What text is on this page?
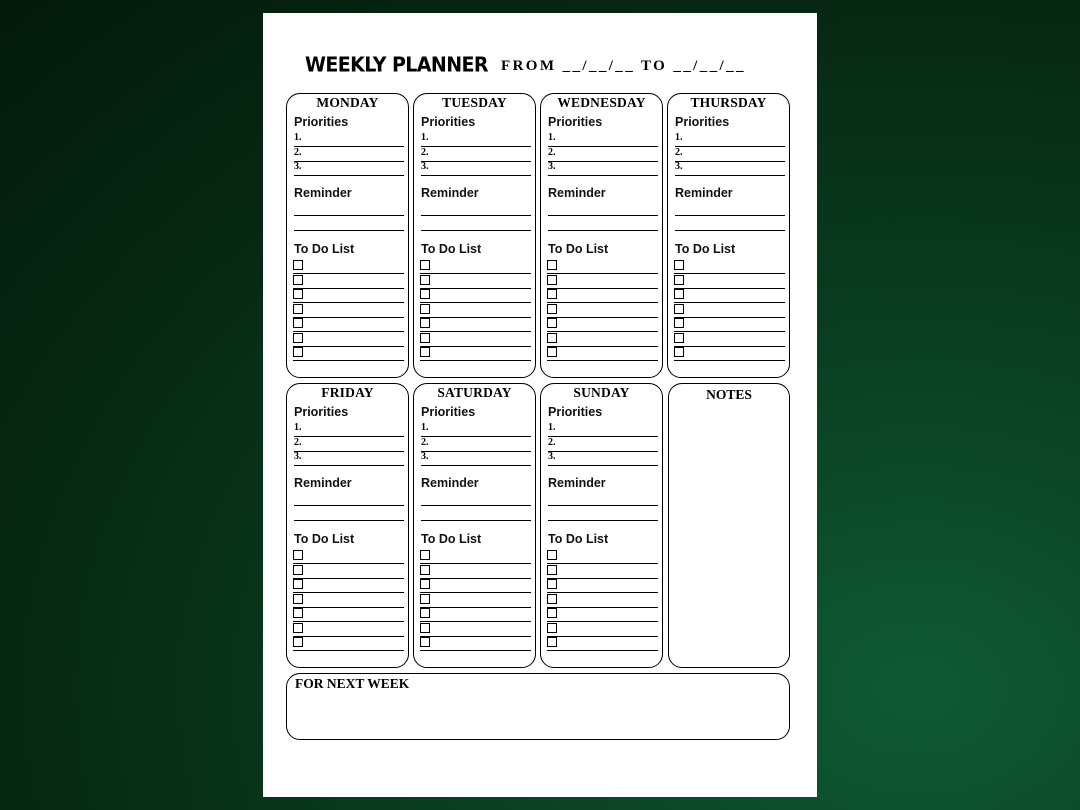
WEEKLY PLANNER FROM __/__/__ TO __/__/__
MONDAY
Priorities
1.
2.
3.
Reminder
To Do List
TUESDAY
Priorities
1.
2.
3.
Reminder
To Do List
WEDNESDAY
Priorities
1.
2.
3.
Reminder
To Do List
THURSDAY
Priorities
1.
2.
3.
Reminder
To Do List
FRIDAY
Priorities
1.
2.
3.
Reminder
To Do List
SATURDAY
Priorities
1.
2.
3.
Reminder
To Do List
SUNDAY
Priorities
1.
2.
3.
Reminder
To Do List
NOTES
FOR NEXT WEEK
